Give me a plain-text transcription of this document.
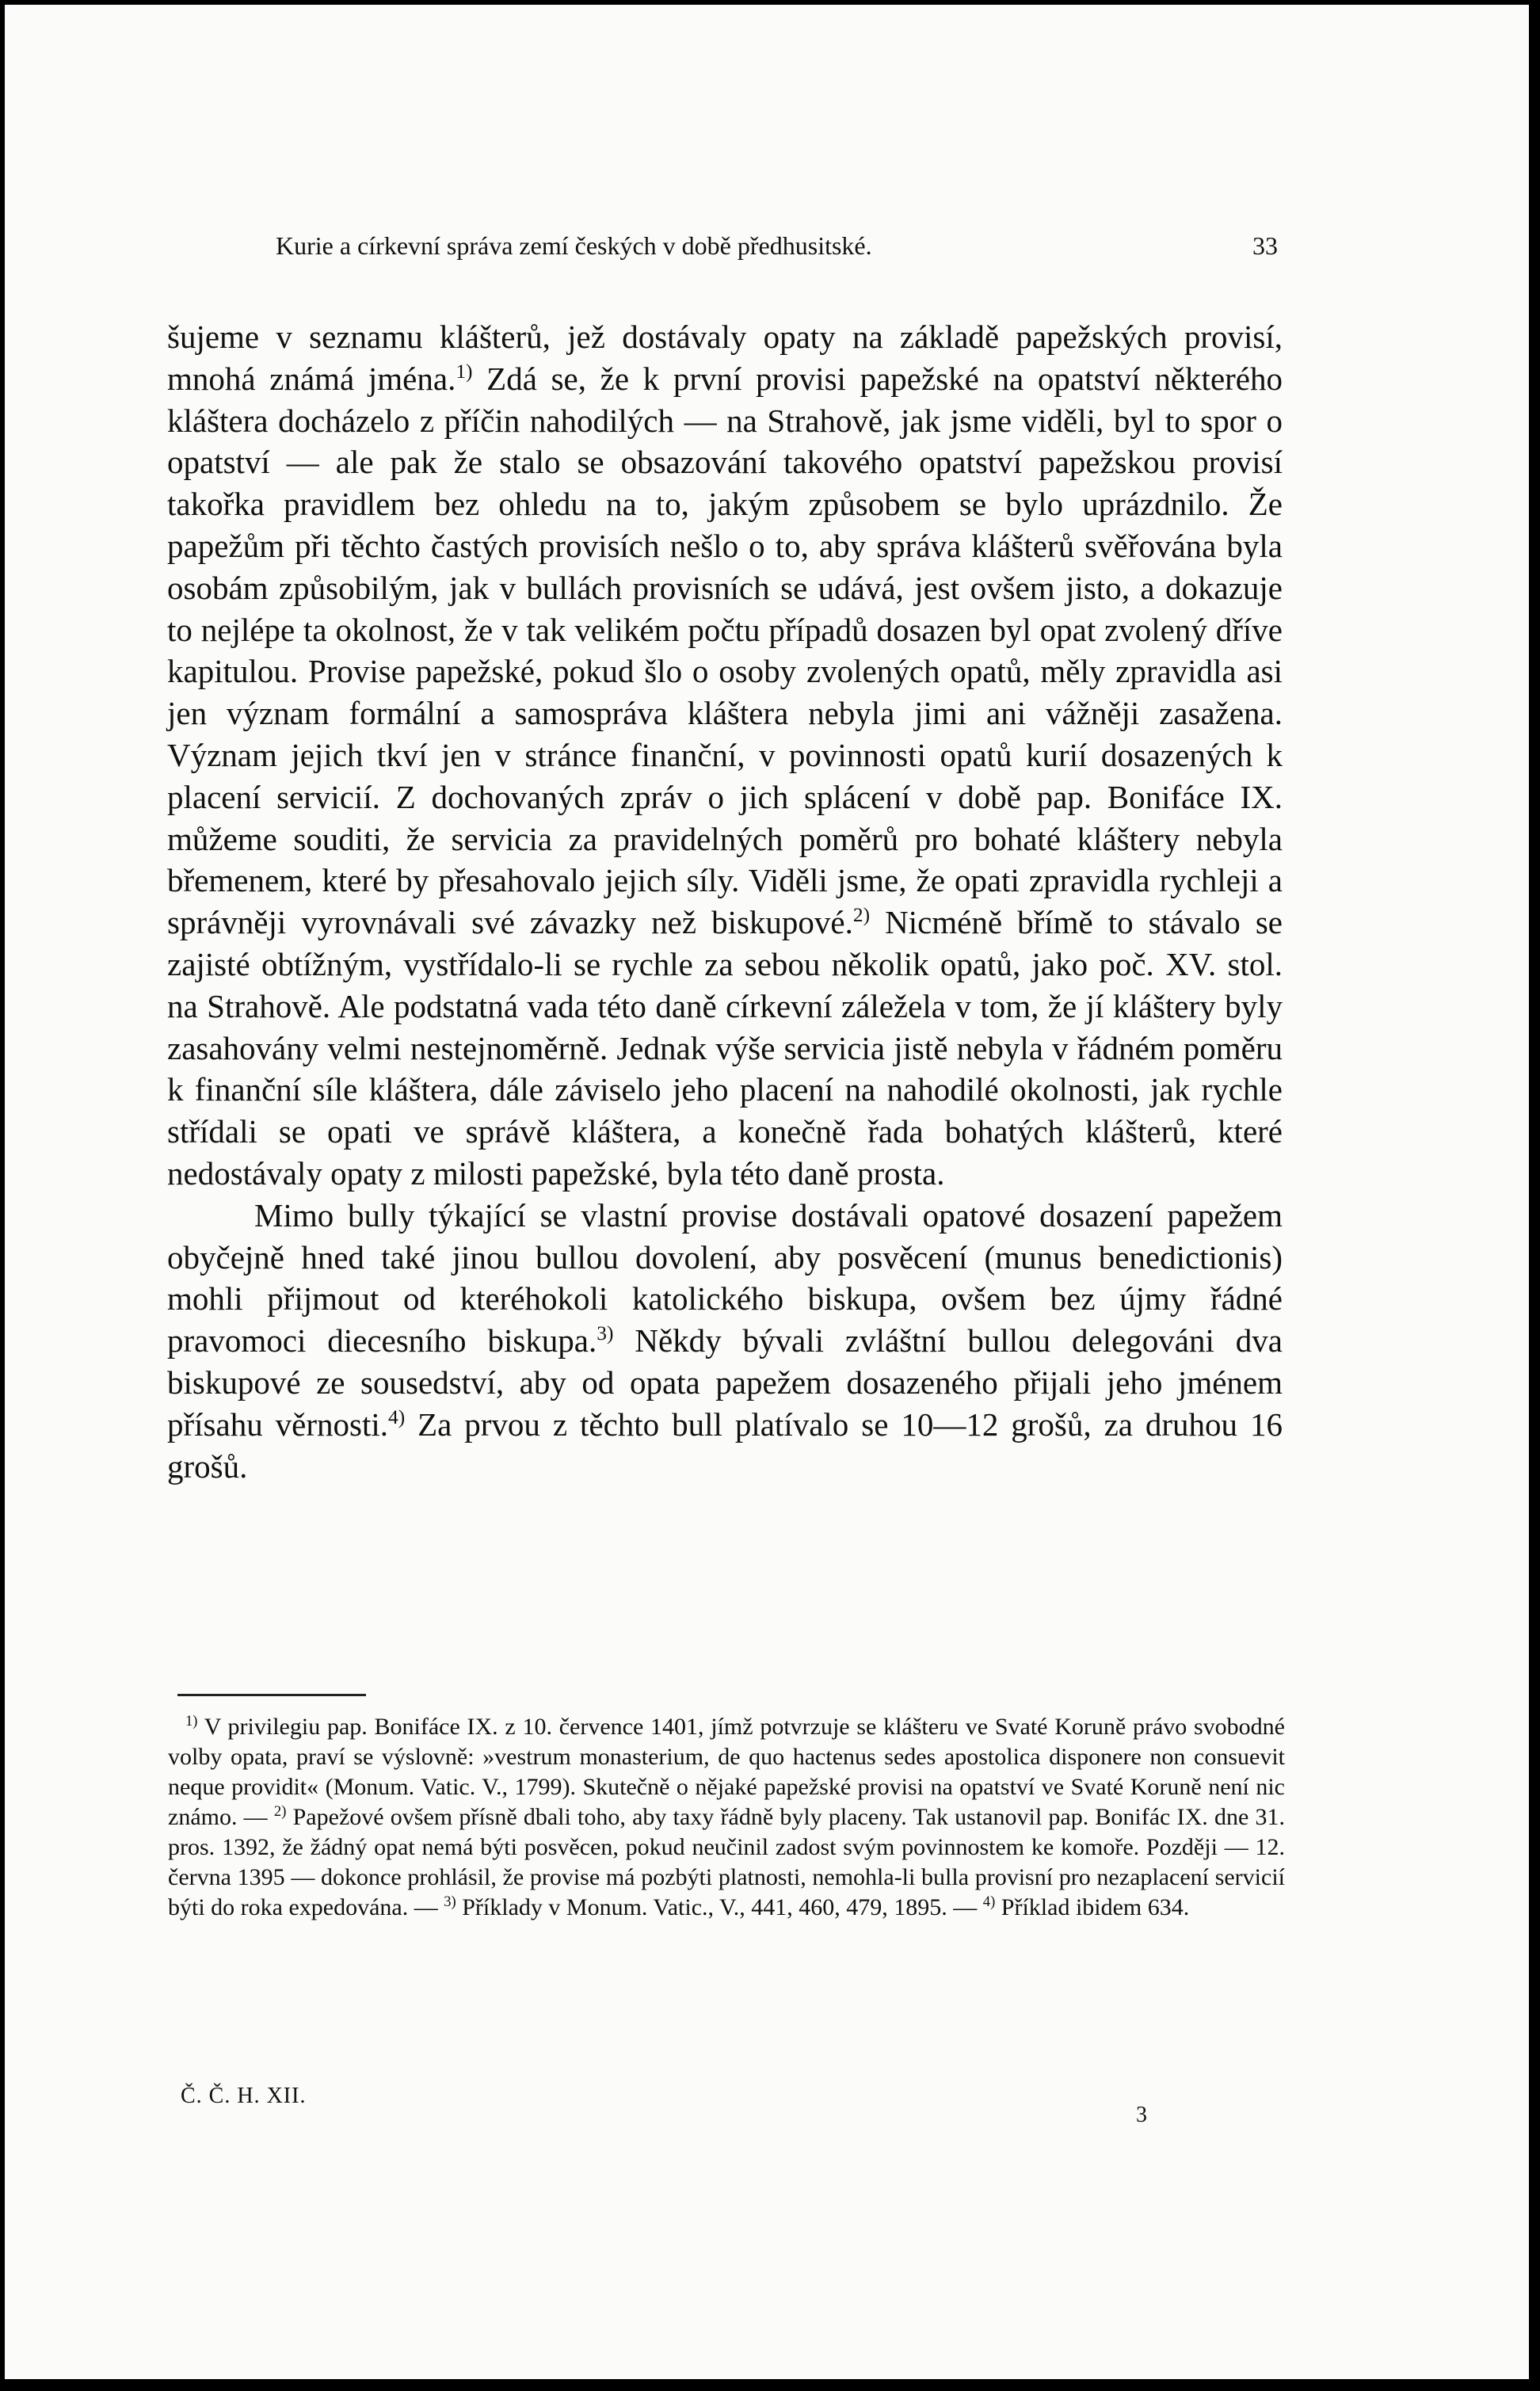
Kurie a církevní správa zemí českých v době předhusitské.	33

šujeme v seznamu klášterů, jež dostávaly opaty na základě papežských provisí, mnohá známá jména.$^{1)}$ Zdá se, že k první provisi papežské na opatství některého kláštera docházelo z příčin nahodilých — na Strahově, jak jsme viděli, byl to spor o opatství — ale pak že stalo se obsazování takového opatství papežskou provisí takořka pravidlem bez ohledu na to, jakým způsobem se bylo uprázdnilo. Že papežům při těchto častých provisích nešlo o to, aby správa klášterů svěřována byla osobám způsobilým, jak v bullách provisních se udává, jest ovšem jisto, a dokazuje to nejlépe ta okolnost, že v tak velikém počtu případů dosazen byl opat zvolený dříve kapitulou. Provise papežské, pokud šlo o osoby zvolených opatů, měly zpravidla asi jen význam formální a samospráva kláštera nebyla jimi ani vážněji zasažena. Význam jejich tkví jen v stránce finanční, v povinnosti opatů kurií dosazených k placení servicií. Z dochovaných zpráv o jich splácení v době pap. Bonifáce IX. můžeme souditi, že servicia za pravidelných poměrů pro bohaté kláštery nebyla břemenem, které by přesahovalo jejich síly. Viděli jsme, že opati zpravidla rychleji a správněji vyrovnávali své závazky než biskupové.$^{2)}$ Nicméně břímě to stávalo se zajisté obtížným, vystřídalo-li se rychle za sebou několik opatů, jako poč. XV. stol. na Strahově. Ale podstatná vada této daně církevní záležela v tom, že jí kláštery byly zasahovány velmi nestejnoměrně. Jednak výše servicia jistě nebyla v řádném poměru k finanční síle kláštera, dále záviselo jeho placení na nahodilé okolnosti, jak rychle střídali se opati ve správě kláštera, a konečně řada bohatých klášterů, které nedostávaly opaty z milosti papežské, byla této daně prosta.

Mimo bully týkající se vlastní provise dostávali opatové dosazení papežem obyčejně hned také jinou bullou dovolení, aby posvěcení (munus benedictionis) mohli přijmout od kteréhokoli katolického biskupa, ovšem bez újmy řádné pravomoci diecesního biskupa.$^{3)}$ Někdy bývali zvláštní bullou delegováni dva biskupové ze sousedství, aby od opata papežem dosazeného přijali jeho jménem přísahu věrnosti.$^{4)}$ Za prvou z těchto bull platívalo se 10—12 grošů, za druhou 16 grošů.

$^{1)}$ V privilegiu pap. Bonifáce IX. z 10. července 1401, jímž potvrzuje se klášteru ve Svaté Koruně právo svobodné volby opata, praví se výslovně: »vestrum monasterium, de quo hactenus sedes apostolica disponere non consuevit neque providit« (Monum. Vatic. V., 1799). Skutečně o nějaké papežské provisi na opatství ve Svaté Koruně není nic známo. — $^{2)}$ Papežové ovšem přísně dbali toho, aby taxy řádně byly placeny. Tak ustanovil pap. Bonifác IX. dne 31. pros. 1392, že žádný opat nemá býti posvěcen, pokud neučinil zadost svým povinnostem ke komoře. Později — 12. června 1395 — dokonce prohlásil, že provise má pozbýti platnosti, nemohla-li bulla provisní pro nezaplacení servicií býti do roka expedována. — $^{3)}$ Příklady v Monum. Vatic., V., 441, 460, 479, 1895. — $^{4)}$ Příklad ibidem 634.

Č. Č. H. XII.
3
